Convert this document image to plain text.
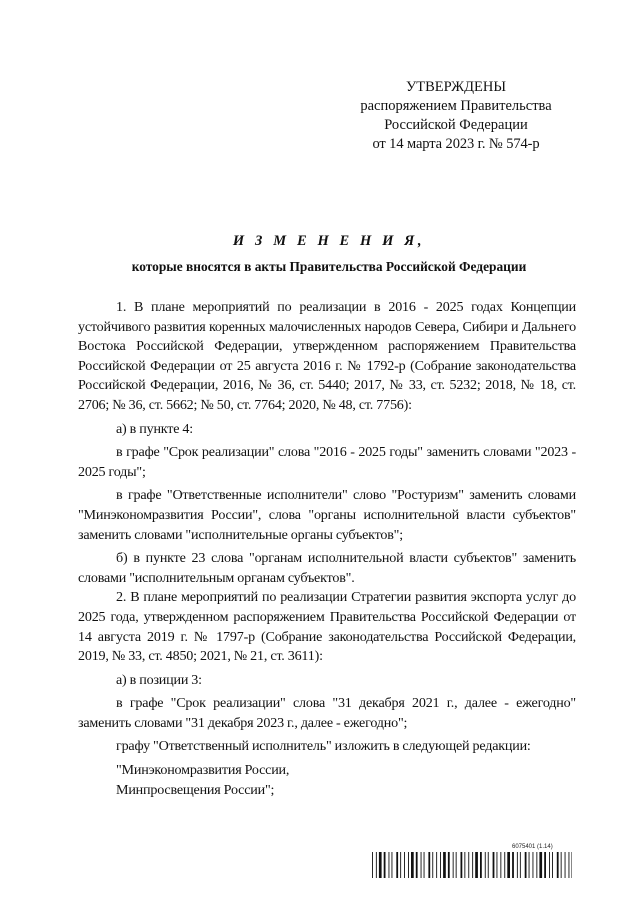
УТВЕРЖДЕНЫ
распоряжением Правительства
Российской Федерации
от 14 марта 2023 г. № 574-р
И З М Е Н Е Н И Я,
которые вносятся в акты Правительства Российской Федерации

1. В плане мероприятий по реализации в 2016 - 2025 годах Концепции устойчивого развития коренных малочисленных народов Севера, Сибири и Дальнего Востока Российской Федерации, утвержденном распоряжением Правительства Российской Федерации от 25 августа 2016 г. № 1792-р (Собрание законодательства Российской Федерации, 2016, № 36, ст. 5440; 2017, № 33, ст. 5232; 2018, № 18, ст. 2706; № 36, ст. 5662; № 50, ст. 7764; 2020, № 48, ст. 7756):

а) в пункте 4:

в графе "Срок реализации" слова "2016 - 2025 годы" заменить словами "2023 - 2025 годы";

в графе "Ответственные исполнители" слово "Ростуризм" заменить словами "Минэкономразвития России", слова "органы исполнительной власти субъектов" заменить словами "исполнительные органы субъектов";

б) в пункте 23 слова "органам исполнительной власти субъектов" заменить словами "исполнительным органам субъектов".

2. В плане мероприятий по реализации Стратегии развития экспорта услуг до 2025 года, утвержденном распоряжением Правительства Российской Федерации от 14 августа 2019 г. № 1797-р (Собрание законодательства Российской Федерации, 2019, № 33, ст. 4850; 2021, № 21, ст. 3611):

а) в позиции 3:

в графе "Срок реализации" слова "31 декабря 2021 г., далее - ежегодно" заменить словами "31 декабря 2023 г., далее - ежегодно";

графу "Ответственный исполнитель" изложить в следующей редакции:

"Минэкономразвития России,

Минпросвещения России";

6075401 (1.14)
